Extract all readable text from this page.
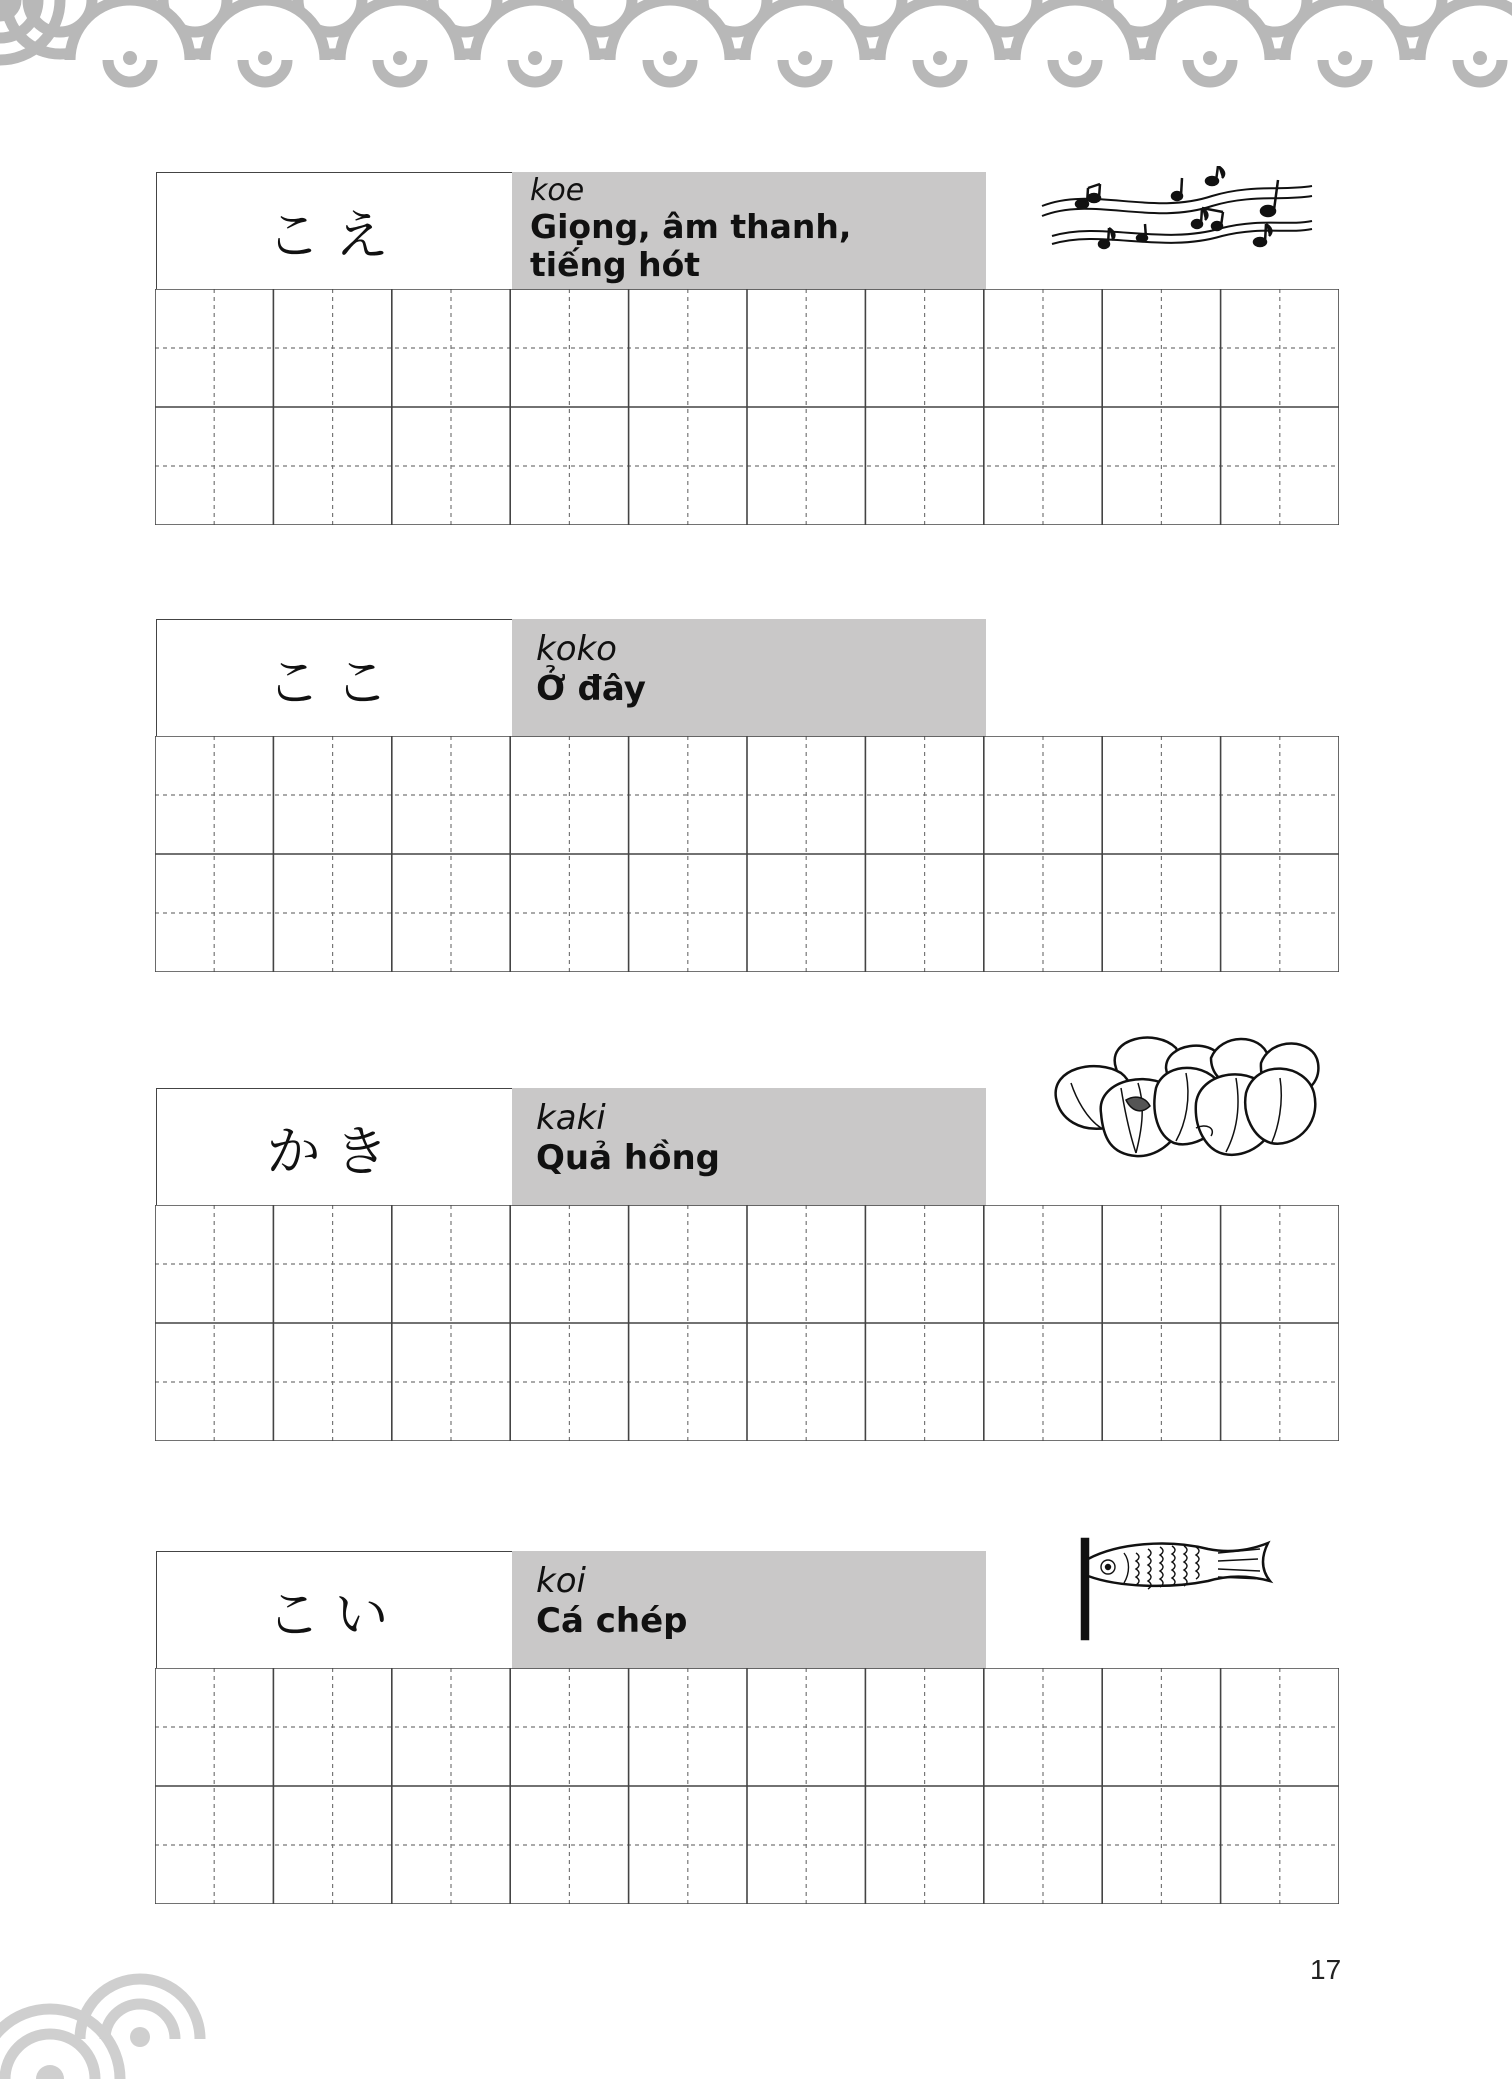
こえ
koe
Giọng, âm thanh, tiếng hót
ここ
koko
Ở đây
かき
kaki
Quả hồng
こい
koi
Cá chép
17
